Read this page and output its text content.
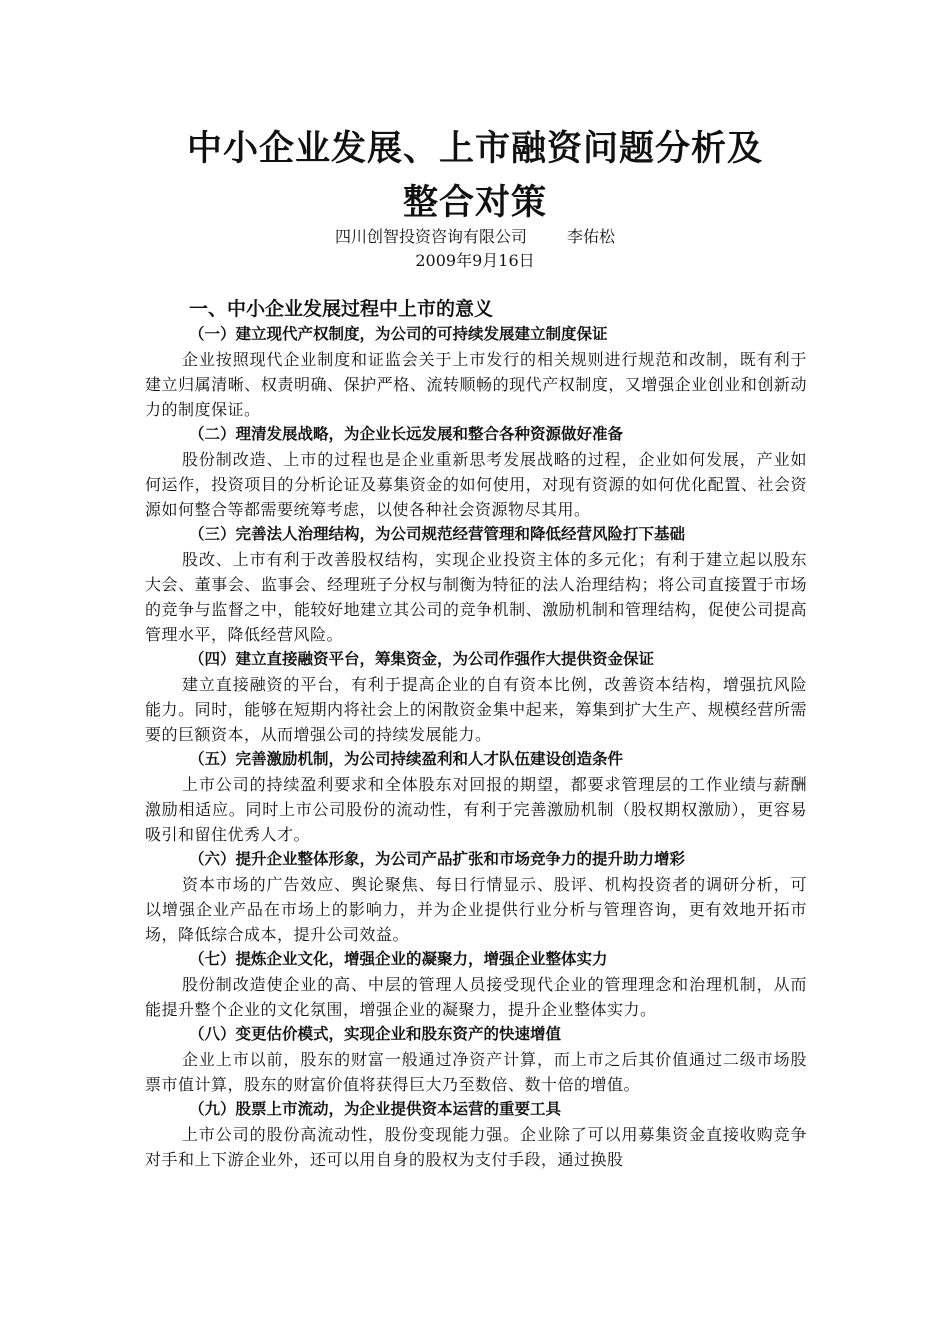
中小企业发展、上市融资问题分析及
整合对策
四川创智投资咨询有限公司	李佑松
2009年9月16日
一、中小企业发展过程中上市的意义
（一）建立现代产权制度，为公司的可持续发展建立制度保证
企业按照现代企业制度和证监会关于上市发行的相关规则进行规范和改制，既有利于建立归属清晰、权责明确、保护严格、流转顺畅的现代产权制度，又增强企业创业和创新动力的制度保证。
（二）理清发展战略，为企业长远发展和整合各种资源做好准备
股份制改造、上市的过程也是企业重新思考发展战略的过程，企业如何发展，产业如何运作，投资项目的分析论证及募集资金的如何使用，对现有资源的如何优化配置、社会资源如何整合等都需要统筹考虑，以使各种社会资源物尽其用。
（三）完善法人治理结构，为公司规范经营管理和降低经营风险打下基础
股改、上市有利于改善股权结构，实现企业投资主体的多元化；有利于建立起以股东大会、董事会、监事会、经理班子分权与制衡为特征的法人治理结构；将公司直接置于市场的竞争与监督之中，能较好地建立其公司的竞争机制、激励机制和管理结构，促使公司提高管理水平，降低经营风险。
（四）建立直接融资平台，筹集资金，为公司作强作大提供资金保证
建立直接融资的平台，有利于提高企业的自有资本比例，改善资本结构，增强抗风险能力。同时，能够在短期内将社会上的闲散资金集中起来，筹集到扩大生产、规模经营所需要的巨额资本，从而增强公司的持续发展能力。
（五）完善激励机制，为公司持续盈利和人才队伍建设创造条件
上市公司的持续盈利要求和全体股东对回报的期望，都要求管理层的工作业绩与薪酬激励相适应。同时上市公司股份的流动性，有利于完善激励机制（股权期权激励），更容易吸引和留住优秀人才。
（六）提升企业整体形象，为公司产品扩张和市场竞争力的提升助力增彩
资本市场的广告效应、舆论聚焦、每日行情显示、股评、机构投资者的调研分析，可以增强企业产品在市场上的影响力，并为企业提供行业分析与管理咨询，更有效地开拓市场，降低综合成本，提升公司效益。
（七）提炼企业文化，增强企业的凝聚力，增强企业整体实力
股份制改造使企业的高、中层的管理人员接受现代企业的管理理念和治理机制，从而能提升整个企业的文化氛围，增强企业的凝聚力，提升企业整体实力。
（八）变更估价模式，实现企业和股东资产的快速增值
企业上市以前，股东的财富一般通过净资产计算，而上市之后其价值通过二级市场股票市值计算，股东的财富价值将获得巨大乃至数倍、数十倍的增值。
（九）股票上市流动，为企业提供资本运营的重要工具
上市公司的股份高流动性，股份变现能力强。企业除了可以用募集资金直接收购竞争对手和上下游企业外，还可以用自身的股权为支付手段，通过换股
